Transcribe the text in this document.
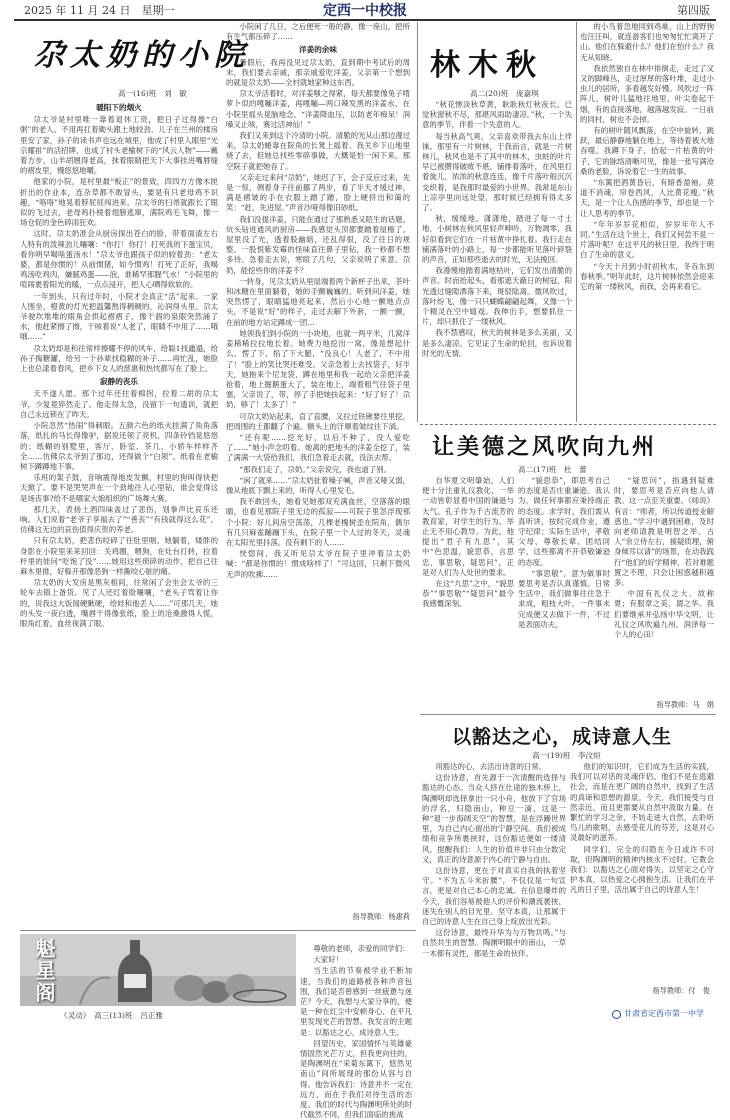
2025 年 11 月 24 日　星期一	定西一中校报	第四版
尕太奶的小院
高一(16)班　刘　敏
暖阳下的烟火

尕太爷是村里唯一靠着退休工资，把日子过得像“白粥”的老人。不用再扛着锄头跟土地较劲，儿子在兰州的楼房里安了家，孙子的读书声也远在城里，他成了村里人眼里“光宗耀祖”的活招牌，也成了村头老榆树下的“风云人物”——戴着方步，山羊胡翘得老高，抹着眼睛把天下大事挂进嘴唇缝的褶皮里，慢悠悠地嚼。

他家的小院，是村里最“板正”的景致，四四方方像木匣折出的作业本，连杂草都不敢冒头，要是有只老母鸡不识趣，“咯咯”地晃着脖屁屁闯进来，尕太爷的扫帚就跟长了眼似的飞过去，老母鸡扑棱着翅膀逃窜，满院鸡毛飞舞，像一场仓促的金色碎雨狂欢。

这时，尕太奶准会从厨房探出苍白的脸，带着面渣左右人特有的泼辣劲儿嚷嚷：“你打！你打！打死我的下蛋宝贝，看你明早喝啥蛋汤水！”尕太爷也跟孩子似的较着劲：“老太婆，都是你惯的！从前惯猪，如今惯鸡！打死了正好，我喝鸡汤吃鸡肉，嫌腻鸡蛋——泡，谁稀罕那腥气水！”小院里的喧闹裹着阳光的暖，一点点浸开，把人心晒得软软的。

一年到头，只有过年时，小院才会真正“活”起来。一家人围坐，橙黄的灯光把温馨熬得稠稠的，沁润得头里。尕太爷驶坎堆堆的眼角会拱起褶褶子，像干涸的泉眼突然涌了水，他赶紧擦了擦，干咳着说“人老了，眼睛不中用了……哦哦……”

尕太奶却是和往常样擦耀不停的风车，给聪1找邋遢，给孙子掏糖罐，给另一个孙辈找稳糊的补子……再忙乱，她脸上也总漾着春风，把乡下女人的慈惠和热忱都写在了脸上。

寂静的丧乐

天不遂人愿。那个过年还拄着棉拐，拉着二胡的尕太爷，少复竟猝然走了。他走得太急，没留下一句遗训，就把自己永远锁在了昨天。

小院忽然“热闹”得刺眼。五颜六色的纸火挂满了角角落落，纸扎的马长得像驴，据说还领了亮机，四条铃铛晃悠悠的；纸糊的别墅里，客厅、卧室、茶几、小轿车样样齐全……仿佛尕太爷到了那边，还得做个“白领”。纸看在老榆树下蹲蹲地下事。

乐班的架子鼓，音响震得地皮发颤，村里的狗叫得快把天掀了。要不是哭哭声在一个劲地往人心里钻，谁会觉得这是场丧事?给不是哪家大娘组织的广场舞大赛。

那几天，表扬土酒四味盖过了悲伤，划拳声比哀乐还响。人们说着“老爷子享福去了”“善丧”“有钱就得这么花”，仿佛这无边的哀伤值得庆贺的养老。

只有尕太奶，把悲伤咬碎了往肚里咽。她躺着，矮胖的身影在小院里来来回回：关鸡圈，喂狗，在灶台打转，拉着杆里的娃问“吃饱了没”……她用这些琐碎的动作，把自己往麻木里推，好躲开那像恶狗一样撕咬心脏的痛。

尕太奶的大发房是黑灰相间，往常闲了会坐会太爷的三轮车去镇上备货。见了人还红着脸嚷嚷，“老头子骂着让你的，说我这大饭闻硬瞅硬，给娃和他丢人……”可那几天，她的头发一夜白透，嘴唇干得像张纸，脸上的沧桑激得人慌，眼角红着，血丝视满了眼。

小院闲了几日，之后便死一般的静，像一座山，把所有生气都压碎了……

洋姜的余味

暑假后，我再没见过尕太奶，直到期中考试后的周末，我们要去亲戚，那亲戚爱吃洋姜，父亲第一个想到的就是尕太奶——全村就她家种这东西。

尕太爷活着时，对洋姜嗤之得紧，每天都要像兔子啃萝卜似的嘎嘣洋姜，再嘎嘣—两口辣发黑的洋姜水，在小院里摇头晃脑地念，“洋姜降血压，以防老年痴呆！润嗓又止咳，赛过活神仙！”

我们又来到这个冷清的小院。清脆的光从山那边漫过来，尕太奶蜷靠在院角的长凳上摇着。我关乡下山地里烧了去，但她总找些零碎事做，大概是怕一闲下来，那空院子就把她吞了。

父亲走过来问“尕奶”，她迟了下，会子反应过来，先是一惊，侧着身子往前挪了两步，看了半天才缓过神，满是褶皱的手在衣服上蹭了蹭，脸上硬挤出和蔼的笑：“赶，先进屋。”声音沙哑得像旧砂纸。

我们没提洋姜，只能在通过了那熟悉又陌生的话题。炕头钻进通风的厨房——我感觉头顶都要蹭着屋檐了。屋里没了光，透着股幽暗，还乱得很，没了往日的规整。一股恨紫发霉的怪味直往鼻子里钻，我一秒都不想多待。急着走去说，寒暄了几句，父亲说明了来意。尕奶，能挖些你的洋姜不？

一转身，见尕太奶从里屋端着两个新杯子出来，茶叶和冰糖在里面躺着，她的手颤巍巍的。听到问洋姜，她突然愣了，眼睛猛地亮起来，然后小心地一颤地点点头，不是说“好”的样子，走过去解下外套，一颤一颤，在前的地方站定蹲成一团…

她领我们到小院的一小块地，也就一两平米，几窝洋姜稀稀拉拉地长着。她费力地挖出一窝，像是想起什么，愣了下，掐了下大腿，“没良心！人老了，不中用了！”脸上的笑比哭还难受。父亲急着上去找袋子，好半天，她拖来个尼龙袋，蹲在地里和我一起给父亲把洋姜抢着，地上掘鹅蛋大了，装在地上，端着粗气往袋子里塞，父亲说了，带，停了手把她扶起来：“好了好了！尕奶，够了！太多了！”

可尕太奶站起来，直了直腰，又拉过铁锹要往里挖，把周围的土都翻了个遍。额头上的汗顺着皱纹往下淌。

“还有呢……挖光好，以后不种了，没人爱吃了……”她小声念叨着。她离的把地头的洋姜全挖了，装了满满一大袋给我们，我们急着走去就，没法去帮。

“那我们走了，尕奶。”父亲说完，我也道了别。

“闲了就来……”尕太奶扯着嗓子喊，声音又哑又弱，像从地底下飘上来的，听得人心里发毛。

我不敢回头，她看见她那双充满血丝，空落落的眼睛，也看见那院子里无边的孤寂——可院子里忽浮现那个小院：好儿间房空荡荡，几棵老槐树歪在院角，偶尔有几只麻雀蹦蹦下头，在院子里一个人过的冬天，灵魂在太阳光里抖落。没有剩下的人……

恍惚间，我又听见尕太爷在院子里冲着尕太奶喊：“都是你惯的！惯成啥样了！”可这回，只剩下微风无声的吹拂……

指导教师：杨惠莉
林木秋
高二(20)班　庞嘉琪

“秋花惨淡秋草黄，耿耿秋灯秋夜长。已觉秋窗秋不尽，那堪风雨助凄凉。”秋，一个失意的季节，伴着一个失意的人。

每当秋高气爽，父亲喜欢带我去东山上徉徕。那里有一片树林，于我而言，就是一片树林儿，秋风也是不了其中的林木，虫蛀的叶片早已被攒得破败不堪。铺排着落叶，在风里打着旋儿，浓浓的秋意连连，像千片落叶般沉沉交织着，是我那时最爱的小世界。我常是东山上凉亭里向远处望，那时候已经拥有得太多了。

秋，缓缓地，潇潇地，踏进了每一寸土地，小树林在秋风里轻声呻吟，万物凋零，我好似看到它们在一片枯黄中挣扎着。我行走在铺满落叶的小路上，每一步都能听见落叶碎裂的声音，正如那些逝去的时光，无法挽回。

我漫慢地踏着满地枯叶，它们发出清脆的声音。时而抬起头，看那遮天蔽日的树冠，阳光透过缝隙洒落下来，斑驳陆离。微风吹过，落叶纷飞，像一只只蝴蝶翩翩起舞，又像一个个精灵在空中嬉戏。我伸出手，想要抓住一片，却只抓住了一缕秋风。

我不禁感叹，秋天的树林是多么美丽，又是多么凄凉。它见证了生命的轮回，也诉说着时光的无情。

的小鸟着急地同到鸡巢，山上的野狗也汪汪叫，就连游客们也匆匆忙忙离开了山。他们在躲避什么？他们在怕什么？我无从知晓。

我依然独自在林中徘徊走，走过了又又的脚峰丛，走过厚厚的落叶堆，走过小虫儿的居所，多看越发好慢。风吹过一阵阵儿，树叶儿猛地往地里，叶尖卷起干烟，有的直接落地，越落越发寂。一日前的同村，树也不会掉。

有的树叶随风飘落，在空中旋转，跳跃，最后静静地躺在地上，等待着被大地吞噬。我蹲下身子，拾起一片枯黄的叶子，它的脉络清晰可见，像是一张写满沧桑的老脸，诉说着它一生的故事。

“东篱把酒黄昏后，有暗香盈袖。莫道不消魂，帘卷西风，人比黄花瘦。”秋天，是一个让人伤感的季节，却也是一个让人思考的季节。

“年年岁岁花相似，岁岁年年人不同。”生活在这个世上，我们又何尝不是一片落叶呢？在这平凡的秋日里，我终于明白了生命的意义。

“今天十月到小时初秋木，冬吞东到春秋季。”明年此时，这片树林依然会迎来它的第一缕秋风，而我，会再来看它。

让美德之风吹向九州
高二(17)班　杜　蕾

自华夏文明肇始，人们便十分注重礼仪教化，一举一动皆彰显着中国的谦逊与大气。孔子作为千古流芳的教育家，对学生的行为、举止无不用心教导。为此，他提出“君子有九思”，其中“色思温，貌思恭，言思忠，事思敬，疑思问”，正是对人们为人处世的要求。

在这“九思”之中，“貌思恭”“事思敬”“疑思问”最令我感慨深刻。

“貌思恭”，即思考自己的态度是否庄重谦逊。我认为，做任何事都应秉持端正的态度。求学时，我们需从真听讲，按时完成作业，遵守纪律；实际生活中，孝敬父母、尊敬长辈、团结同学，这些都离不开恭敬谦逊的态度。

“事思敬”，意为做事时要思考是否认真谨慎。日常生活中，我们做事往往急于求成，粗枝大叶，一件事未完成便又去做下一件，不过是表面功夫，

“疑思问”，指遇到疑难时，要思考是否应向他人请教。这一点至关重要。《师说》有言：“师者，所以传道授业解惑也。”学习中遇到困难，及时向老师请教是明智之举。古人“余立侍左右，援疑质理，俯身倾耳以请”的场景，在动我践行“他们的好学精神，若对难题置之不理，只会让困惑越积越多。

中国有礼仪之大、故称夏；有服章之美、谓之华。我们要继承并弘扬中华文明，让礼仪之风吹遍九州，润泽每一个人的心田！

指导教师：马　娟
以豁达之心，成诗意人生
高一(19)班　李汶烜

用豁达的心，去活出诗意的日常。

这份诗意，首先源于一次清醒的选择与豁达的心态。当众人挤在仕途的独木桥上，陶渊明却选择拿出一只小舟，他放下了官场的浮名，归隐南山，种豆一滴，这是一种“退一步海阔天空”的智慧，是在浮躁世界里，为自己内心留出的宁静空间。我们被成绩和竞争所裹挟时，这份豁达便如一缕清风，提醒我们：人生的价值并非只由分数定义，真正的诗意源于内心的宁静与自由。

这份诗意，更在于对真实自我的执着坚守。“不为五斗米折腰”，不仅仅是一句宣言，更是对自己本心的忠诚。在信息爆炸的今天，我们容易被他人的评价和潮流裹挟，迷失在别人的目光里。坚守本真，让那属于自己的诗意人生在自己身上绽放出光彩。

这份诗意，最终升华为与万物共鸣。”与自然共生的智慧。陶渊明眼中的南山，一草一木都有灵性，都是生命的伙伴。

他们的知识时，它们成为生活的实践，我们可以对话的灵魂伴侣。他们不是在逃避社会，而是在更广阔的自然中，找到了生活的真谛和思想的源泉。今天，我们接受与自然亲近，而且更需要从自然中汲取力量。在繁忙的学习之余，不妨走进大自然，去聆听鸟儿的歌唱，去感受花儿的芬芳，这是对心灵最好的滋养。

同学们，完全的归隐在今日或许不可取，但陶渊明的精神内核永不过时。它教会我们：以豁达之心面对得失，以坚定之心守护本真，以热爱之心拥抱生活。让我们在平凡的日子里，活出属于自己的诗意人生！

指导教师：付　俊

尊敬的老师，亲爱的同学们：

大家好！

当生活的节奏被学业不断加速，当我们的道路被各种声音包围，我们是否曾感到一丝疲惫与迷茫？今天，我想与大家分享的，便是一种在红尘中安顿身心、在平凡里发现光芒的智慧。我发言的主题是：以豁达之心，成诗意人生。

回望历史，家国情怀与英雄豪情固然光芒万丈，但我更向往的，是陶渊明在“采菊东篱下，悠然见南山”间所展现的那份从容与自得。他告诉我们：诗意并不一定在远方，而在于我们对待生活的态度。我们的时代与陶渊明所处的时代截然不同，但我们面临的挑战

魁星阁
《灵动》　高三(13)班　吕正雅	甘肃省定西市第一中学
